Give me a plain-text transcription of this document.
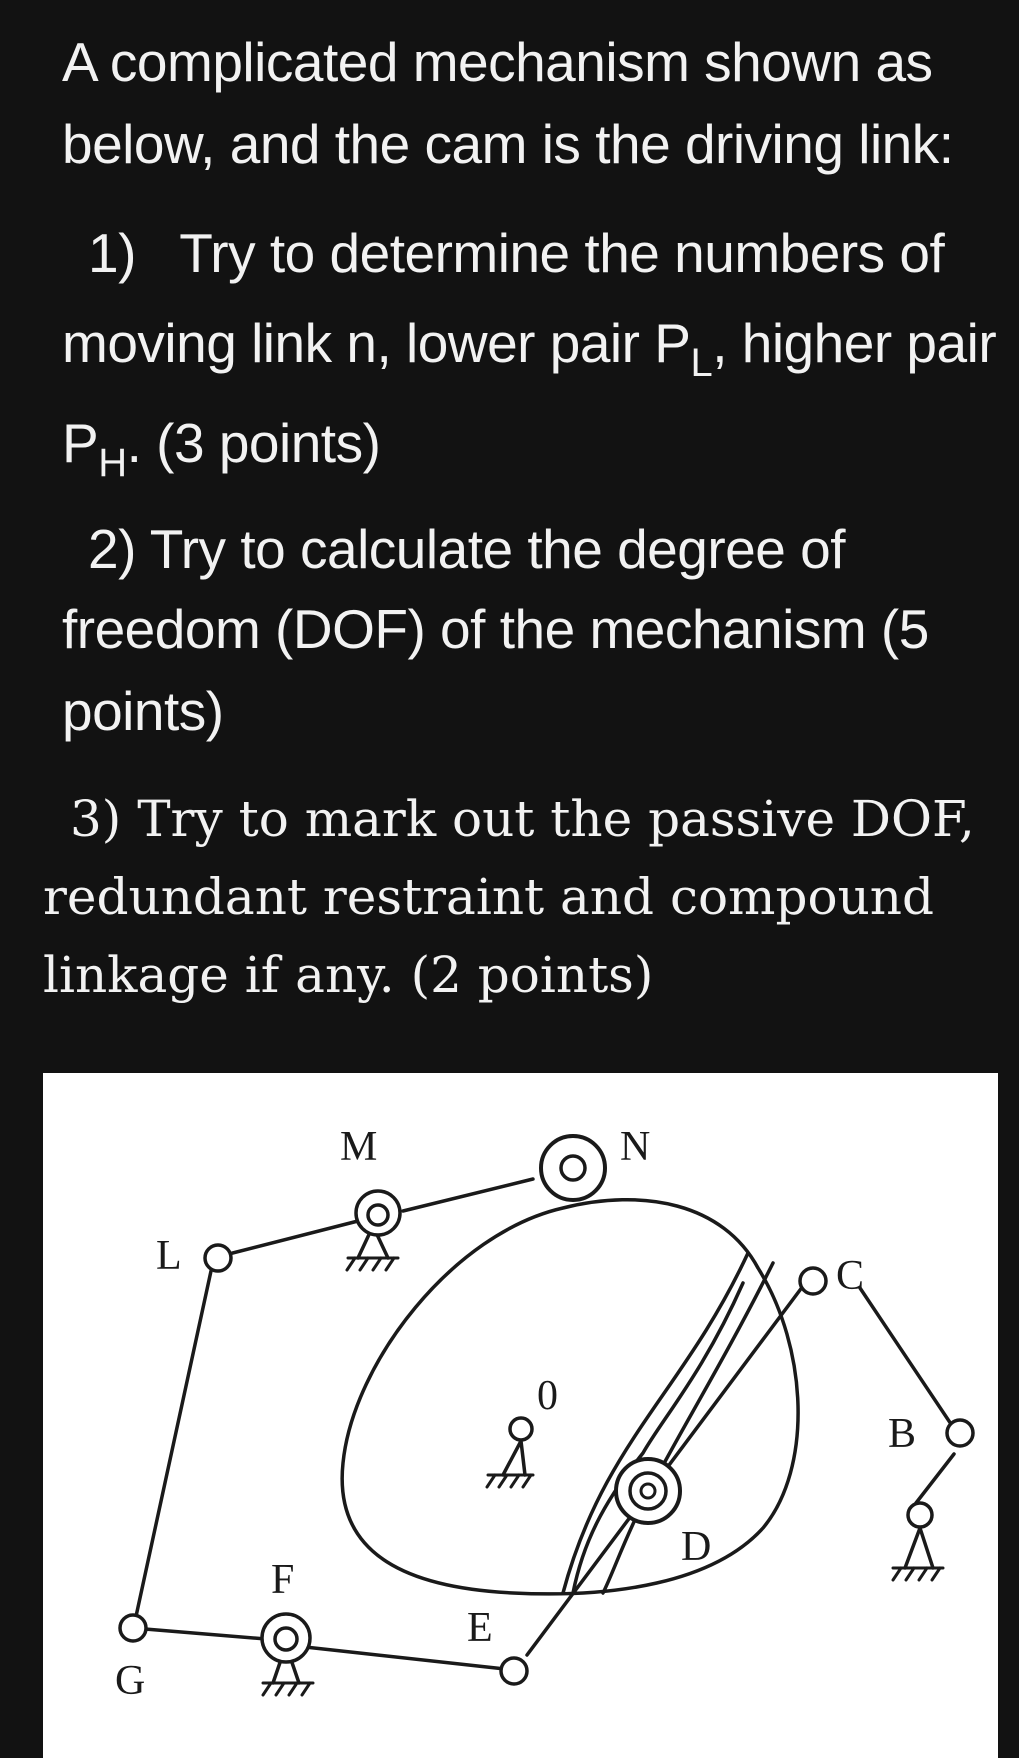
A complicated mechanism shown as
below, and the cam is the driving link:
1)   Try to determine the numbers of
moving link n, lower pair $P_L$, higher pair
$P_H$. (3 points)
2) Try to calculate the degree of
freedom (DOF) of the mechanism (5
points)
3) Try to mark out the passive DOF,
redundant restraint and compound
linkage if any. (2 points)
M	N
L	C
0
B
D
F
E
G
